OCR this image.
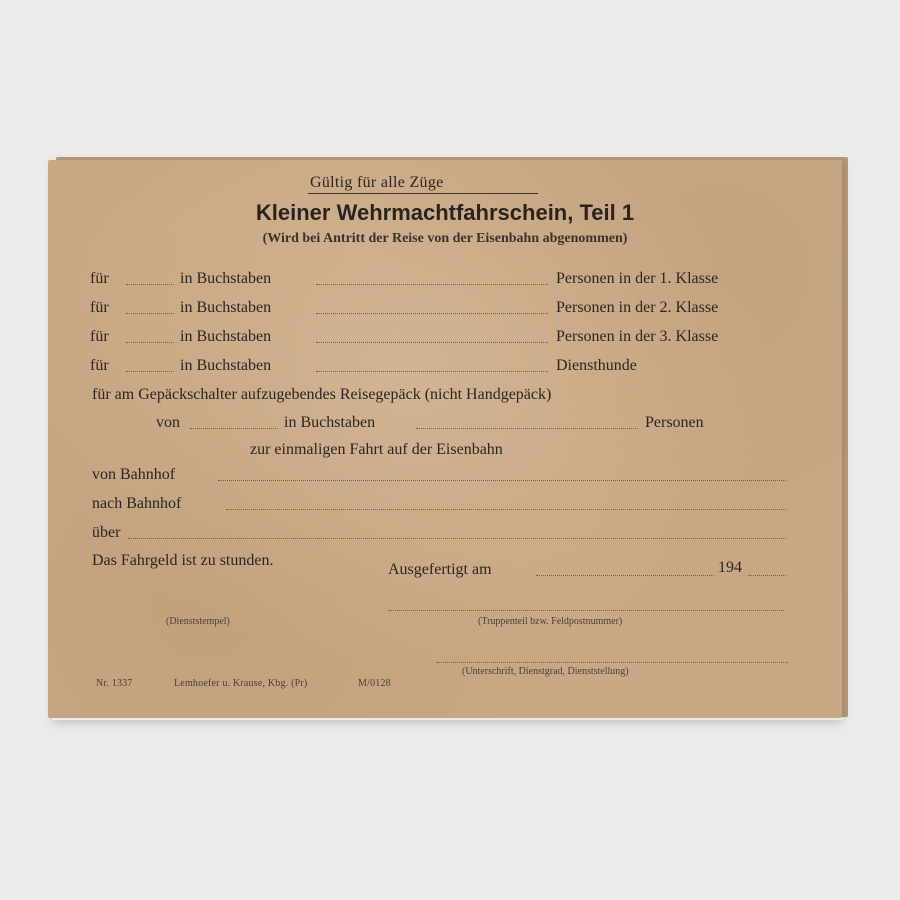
Gültig für alle Züge
Kleiner Wehrmachtfahrschein, Teil 1
(Wird bei Antritt der Reise von der Eisenbahn abgenommen)
für	in Buchstaben	Personen in der 1. Klasse
für	in Buchstaben	Personen in der 2. Klasse
für	in Buchstaben	Personen in der 3. Klasse
für	in Buchstaben	Diensthunde
für am Gepäckschalter aufzugebendes Reisegepäck (nicht Handgepäck)
von	in Buchstaben	Personen
zur einmaligen Fahrt auf der Eisenbahn
von Bahnhof
nach Bahnhof
über
Das Fahrgeld ist zu stunden.
Ausgefertigt am	194
(Dienststempel)	(Truppenteil bzw. Feldpostnummer)
(Unterschrift, Dienstgrad, Dienststellung)
Nr. 1337	Lemhoefer u. Krause, Kbg. (Pr)	M/0128
